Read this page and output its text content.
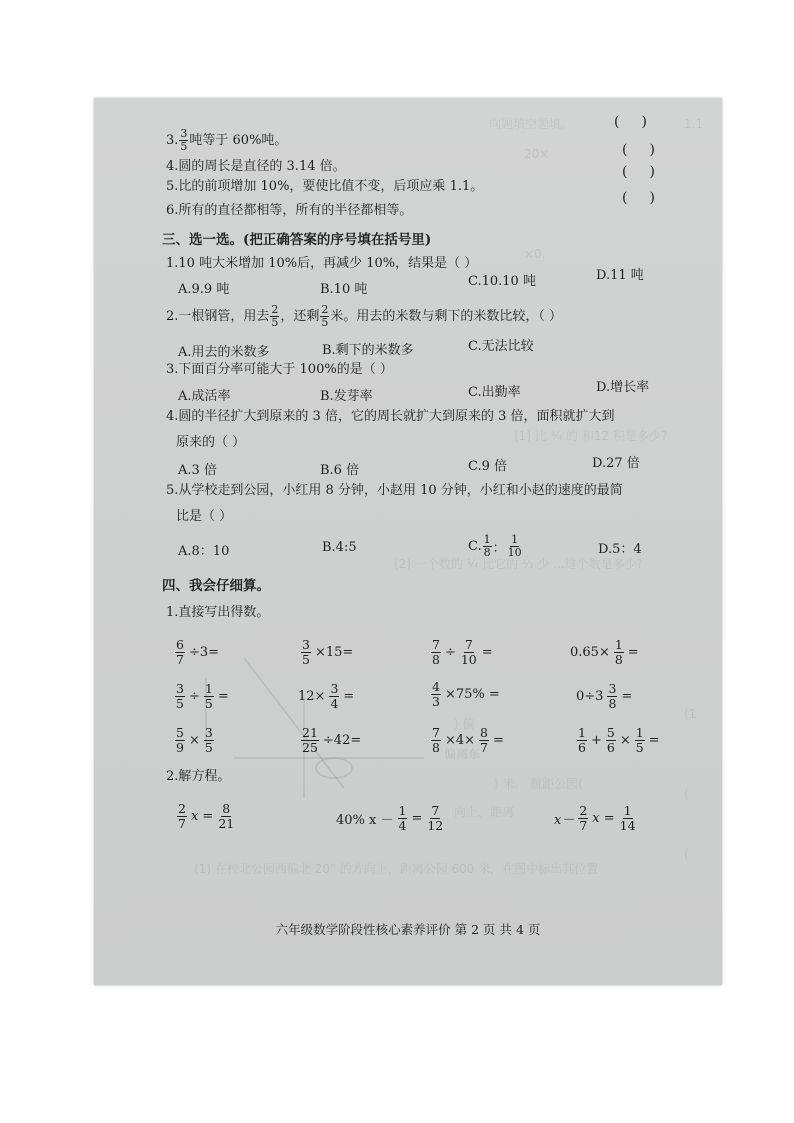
向题填空题填。
20×
×0.
(1) 比 ¼ 的 和12 积是多少?
(2) 一个数的 ¼ 比它的 ⅓ 少 ...这个数是多少?
) 偏
偏离东
) 米。 航距公园(
向上，距离
(1) 在校北公园西偏北 20° 的方向上，距离公园 600 米，在图中标出其位置
1.1
(1
(
(
3. $\frac{3}{5}$ 吨等于 60%吨。
4.圆的周长是直径的 3.14 倍。
5.比的前项增加 10%，要使比值不变，后项应乘 1.1。
6.所有的直径都相等，所有的半径都相等。
()
()
()
()
三、选一选。(把正确答案的序号填在括号里)
1.10 吨大米增加 10%后，再减少 10%，结果是（ ）
A.9.9 吨	B.10 吨
C.10.10 吨	D.11 吨
2.一根钢管，用去 $\frac{2}{5}$ ，还剩 $\frac{2}{5}$ 米。用去的米数与剩下的米数比较，（ ）
A.用去的米数多	B.剩下的米数多	C.无法比较
3.下面百分率可能大于 100%的是（ ）
A.成活率	B.发芽率	C.出勤率	D.增长率
4.圆的半径扩大到原来的 3 倍，它的周长就扩大到原来的 3 倍，面积就扩大到
原来的（ ）
A.3 倍	B.6 倍	C.9 倍	D.27 倍
5.从学校走到公园，小红用 8 分钟，小赵用 10 分钟，小红和小赵的速度的最简
比是（ ）
A.8：10	B.4:5	C. $\frac{1}{8}$ ： $\frac{1}{10}$	D.5：4
四、我会仔细算。
1.直接写出得数。
$\frac{6}{7} \div 3=$	$\frac{3}{5} \times 15=$	$\frac{7}{8} \div \frac{7}{10}$ =	$0.65\times \frac{1}{8}$ =
$\frac{3}{5} \div \frac{1}{5}$ =	$12\times \frac{3}{4}$ =	$\frac{4}{3} \times 75\%$ =	$0\div 3 \frac{3}{8}$ =
$\frac{5}{9} \times \frac{3}{5}$	$\frac{21}{25} \div 42=$	$\frac{7}{8} \times 4\times \frac{8}{7}$ =	$\frac{1}{6} + \frac{5}{6} \times \frac{1}{5}$ =
2.解方程。
$\frac{2}{7}$ $x = \frac{8}{21}$	40% $x - \frac{1}{4} = \frac{7}{12}$	$x- \frac{2}{7}$ $x = \frac{1}{14}$
六年级数学阶段性核心素养评价 第 2 页 共 4 页
